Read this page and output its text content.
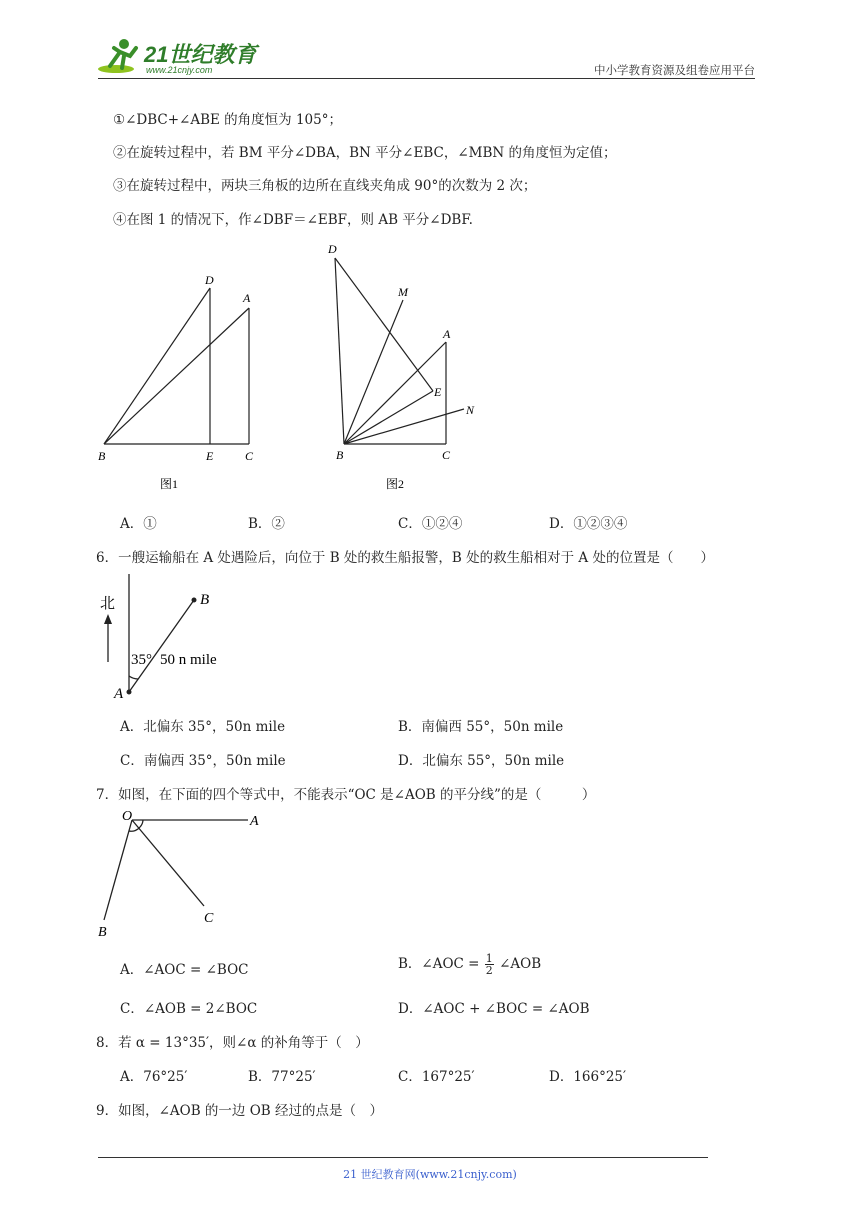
21世纪教育
www.21cnjy.com	中小学教育资源及组卷应用平台
①∠DBC+∠ABE 的角度恒为 105°；
②在旋转过程中，若 BM 平分∠DBA，BN 平分∠EBC，∠MBN 的角度恒为定值；
③在旋转过程中，两块三角板的边所在直线夹角成 90°的次数为 2 次；
④在图 1 的情况下，作∠DBF＝∠EBF，则 AB 平分∠DBF.
D
A
B	E	C
图1
D
M
A
E
N
B	C
图2
A．①	B．②	C．①②④	D．①②③④
6．一艘运输船在 A 处遇险后，向位于 B 处的救生船报警，B 处的救生船相对于 A 处的位置是（　　）
北
35° 50 n mile
A
B
A．北偏东 35°，50n mile	B．南偏西 55°，50n mile
C．南偏西 35°，50n mile	D．北偏东 55°，50n mile
7．如图，在下面的四个等式中，不能表示“OC 是∠AOB 的平分线”的是（　　　）
O	A
B
C
A．∠AOC = ∠BOC	B．∠AOC = $\frac{1}{2}$ ∠AOB
C．∠AOB = 2∠BOC	D．∠AOC + ∠BOC = ∠AOB
8．若 α = 13°35′，则∠α 的补角等于（　）
A．76°25′	B．77°25′	C．167°25′	D．166°25′
9．如图，∠AOB 的一边 OB 经过的点是（　）
21 世纪教育网(www.21cnjy.com)
